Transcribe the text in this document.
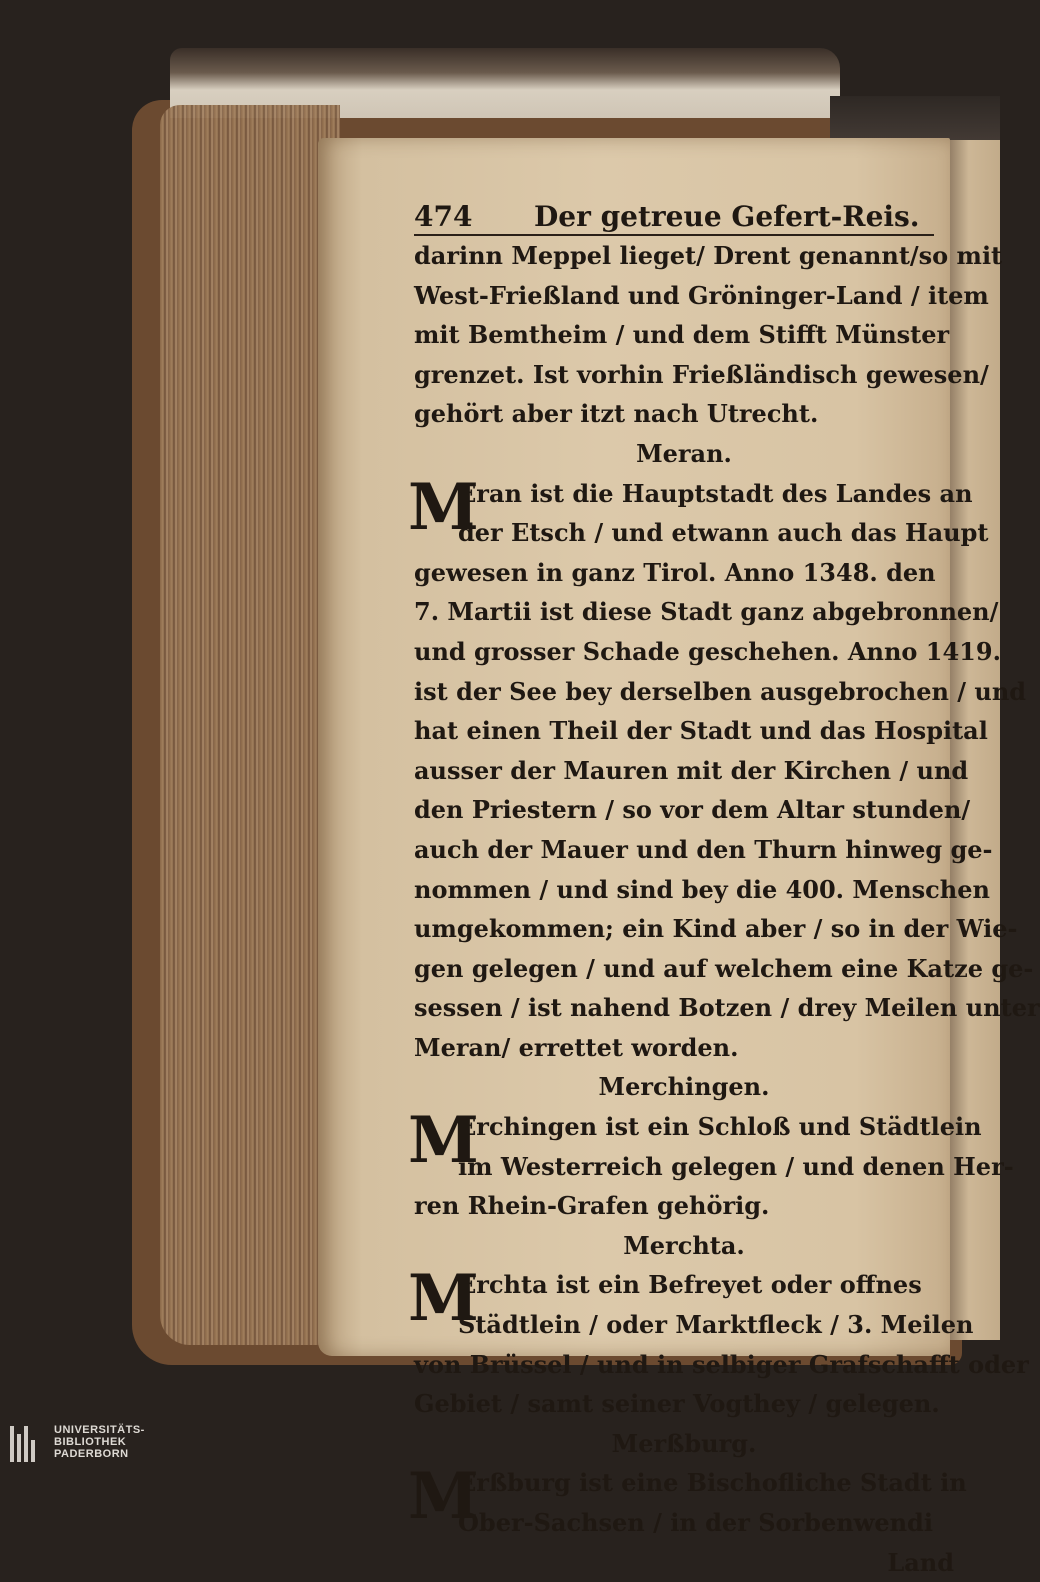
474 Der getreue Gefert-Reis.
darinn Meppel lieget/ Drent genannt/so mit
West-Frießland und Gröninger-Land / item
mit Bemtheim / und dem Stifft Münster
grenzet. Ist vorhin Frießländisch gewesen/
gehört aber itzt nach Utrecht.
Meran.
M
Eran ist die Hauptstadt des Landes an
der Etsch / und etwann auch das Haupt
gewesen in ganz Tirol. Anno 1348. den
7. Martii ist diese Stadt ganz abgebronnen/
und grosser Schade geschehen. Anno 1419.
ist der See bey derselben ausgebrochen / und
hat einen Theil der Stadt und das Hospital
ausser der Mauren mit der Kirchen / und
den Priestern / so vor dem Altar stunden/
auch der Mauer und den Thurn hinweg ge-
nommen / und sind bey die 400. Menschen
umgekommen; ein Kind aber / so in der Wie-
gen gelegen / und auf welchem eine Katze ge-
sessen / ist nahend Botzen / drey Meilen unter
Meran/ errettet worden.
Merchingen.
M
Erchingen ist ein Schloß und Städtlein
im Westerreich gelegen / und denen Her-
ren Rhein-Grafen gehörig.
Merchta.
M
Erchta ist ein Befreyet oder offnes
Städtlein / oder Marktfleck / 3. Meilen
von Brüssel / und in selbiger Grafschafft oder
Gebiet / samt seiner Vogthey / gelegen.
Merßburg.
M
Erßburg ist eine Bischofliche Stadt in
Ober-Sachsen / in der Sorbenwendi
Land
UNIVERSITÄTS-
BIBLIOTHEK
PADERBORN
